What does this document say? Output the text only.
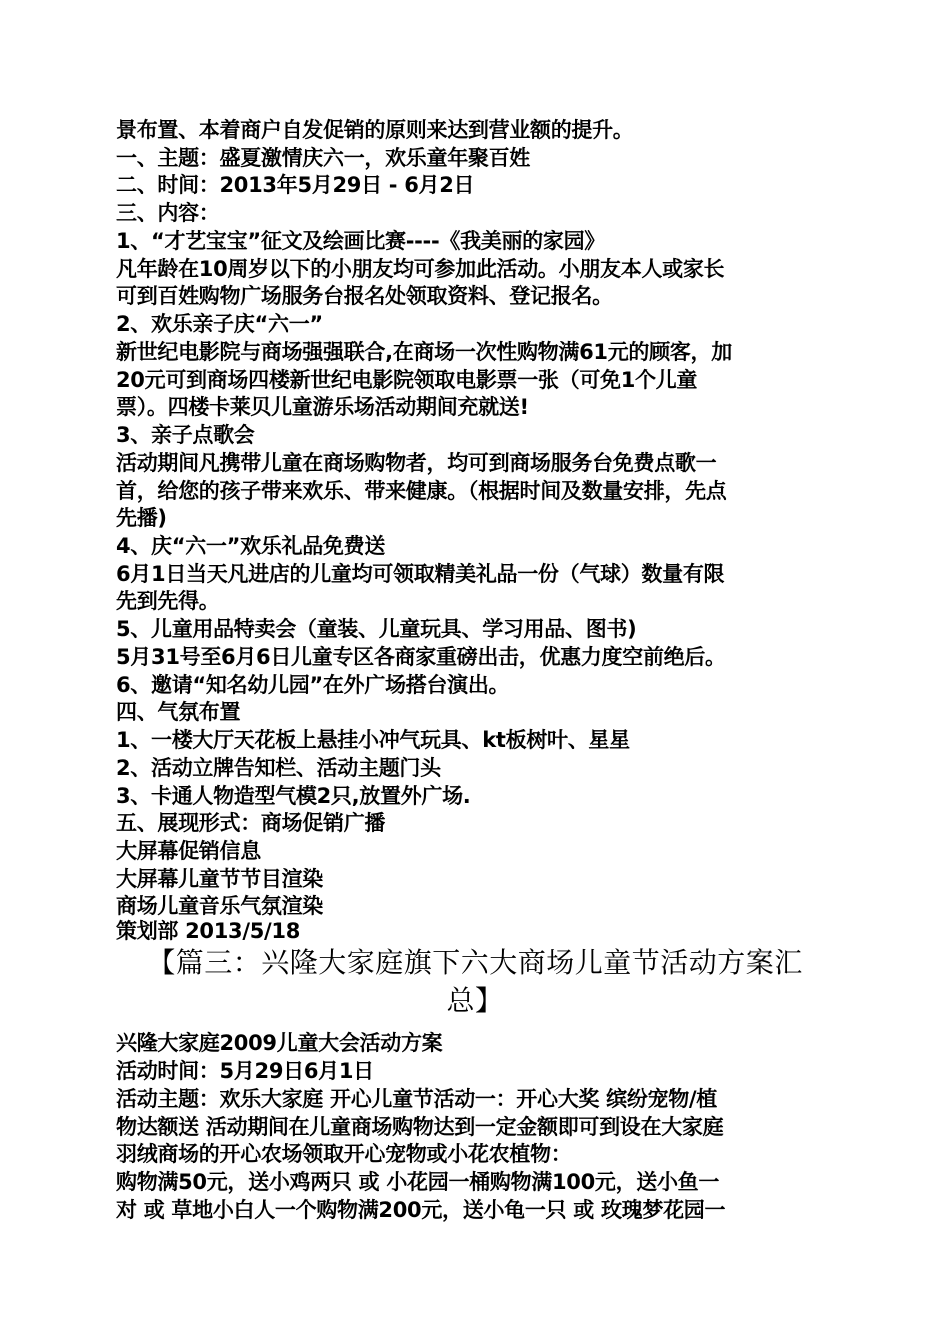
景布置、本着商户自发促销的原则来达到营业额的提升。
一、主题：盛夏激情庆六一，欢乐童年聚百姓
二、时间：2013年5月29日 - 6月2日
三、内容：
1、“才艺宝宝”征文及绘画比赛----《我美丽的家园》
凡年龄在10周岁以下的小朋友均可参加此活动。小朋友本人或家长
可到百姓购物广场服务台报名处领取资料、登记报名。
2、欢乐亲子庆“六一”
新世纪电影院与商场强强联合,在商场一次性购物满61元的顾客，加
20元可到商场四楼新世纪电影院领取电影票一张（可免1个儿童
票）。四楼卡莱贝儿童游乐场活动期间充就送!
3、亲子点歌会
活动期间凡携带儿童在商场购物者，均可到商场服务台免费点歌一
首，给您的孩子带来欢乐、带来健康。（根据时间及数量安排，先点
先播)
4、庆“六一”欢乐礼品免费送
6月1日当天凡进店的儿童均可领取精美礼品一份（气球）数量有限
先到先得。
5、儿童用品特卖会（童装、儿童玩具、学习用品、图书)
5月31号至6月6日儿童专区各商家重磅出击，优惠力度空前绝后。
6、邀请“知名幼儿园”在外广场搭台演出。
四、气氛布置
1、一楼大厅天花板上悬挂小冲气玩具、kt板树叶、星星
2、活动立牌告知栏、活动主题门头
3、卡通人物造型气模2只,放置外广场.
五、展现形式：商场促销广播
大屏幕促销信息
大屏幕儿童节节目渲染
商场儿童音乐气氛渲染
策划部 2013/5/18
【篇三：兴隆大家庭旗下六大商场儿童节活动方案汇
总】
兴隆大家庭2009儿童大会活动方案
活动时间：5月29日6月1日
活动主题：欢乐大家庭 开心儿童节活动一：开心大奖 缤纷宠物/植
物达额送 活动期间在儿童商场购物达到一定金额即可到设在大家庭
羽绒商场的开心农场领取开心宠物或小花农植物：
购物满50元，送小鸡两只 或 小花园一桶购物满100元，送小鱼一
对 或 草地小白人一个购物满200元，送小龟一只 或 玫瑰梦花园一
